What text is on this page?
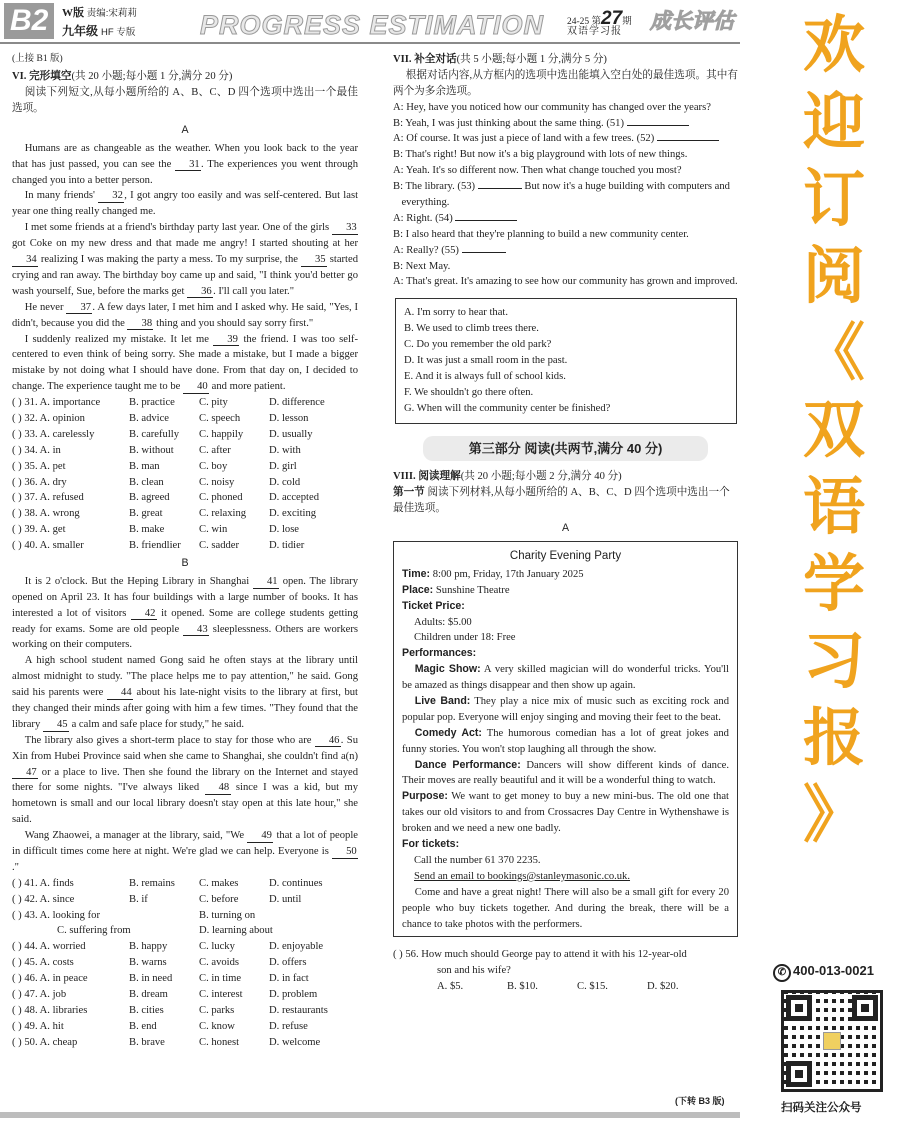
B2	W版 责编:宋莉莉
九年级 HF 专版 PROGRESS ESTIMATION 24-25 第27期
双语学习报 成长评估
(上接 B1 版)
VI. 完形填空(共 20 小题;每小题 1 分,满分 20 分)
阅读下列短文,从每小题所给的 A、B、C、D 四个选项中选出一个最佳选项。
A
Humans are as changeable as the weather. When you look back to the year that has just passed, you can see the 31. The experiences you went through changed you into a better person.
In many friends' 32, I got angry too easily and was self-centered. But last year one thing really changed me.
I met some friends at a friend's birthday party last year. One of the girls 33 got Coke on my new dress and that made me angry! I started shouting at her 34 realizing I was making the party a mess. To my surprise, the 35 started crying and ran away. The birthday boy came up and said, "I think you'd better go wash yourself, Sue, before the marks get 36. I'll call you later."
He never 37. A few days later, I met him and I asked why. He said, "Yes, I didn't, because you did the 38 thing and you should say sorry first."
I suddenly realized my mistake. It let me 39 the friend. I was too self-centered to even think of being sorry. She made a mistake, but I made a bigger mistake by not doing what I should have done. From that day on, I decided to change. The experience taught me to be 40 and more patient.
( ) 31. A. importance	B. practice	C. pity	D. difference
( ) 32. A. opinion	B. advice	C. speech	D. lesson
( ) 33. A. carelessly	B. carefully	C. happily	D. usually
( ) 34. A. in	B. without	C. after	D. with
( ) 35. A. pet	B. man	C. boy	D. girl
( ) 36. A. dry	B. clean	C. noisy	D. cold
( ) 37. A. refused	B. agreed	C. phoned	D. accepted
( ) 38. A. wrong	B. great	C. relaxing	D. exciting
( ) 39. A. get	B. make	C. win	D. lose
( ) 40. A. smaller	B. friendlier	C. sadder	D. tidier
B
It is 2 o'clock. But the Heping Library in Shanghai 41 open. The library opened on April 23. It has four buildings with a large number of books. It has interested a lot of visitors 42 it opened. Some are college students getting ready for exams. Some are old people 43 sleeplessness. Others are workers working on their computers.
A high school student named Gong said he often stays at the library until almost midnight to study. "The place helps me to pay attention," he said. Gong said his parents were 44 about his late-night visits to the library at first, but they changed their minds after going with him a few times. "They found that the library 45 a calm and safe place for study," he said.
The library also gives a short-term place to stay for those who are 46. Su Xin from Hubei Province said when she came to Shanghai, she couldn't find a(n) 47 or a place to live. Then she found the library on the Internet and stayed there for some nights. "I've always liked 48 since I was a kid, but my hometown is small and our local library doesn't stay open at this late hour," she said.
Wang Zhaowei, a manager at the library, said, "We 49 that a lot of people in difficult times come here at night. We're glad we can help. Everyone is 50."
( ) 41. A. finds	B. remains	C. makes	D. continues
( ) 42. A. since	B. if	C. before	D. until
( ) 43. A. looking for	B. turning on
C. suffering from	D. learning about
( ) 44. A. worried	B. happy	C. lucky	D. enjoyable
( ) 45. A. costs	B. warns	C. avoids	D. offers
( ) 46. A. in peace	B. in need	C. in time	D. in fact
( ) 47. A. job	B. dream	C. interest	D. problem
( ) 48. A. libraries	B. cities	C. parks	D. restaurants
( ) 49. A. hit	B. end	C. know	D. refuse
( ) 50. A. cheap	B. brave	C. honest	D. welcome
VII. 补全对话(共 5 小题;每小题 1 分,满分 5 分)
根据对话内容,从方框内的选项中选出能填入空白处的最佳选项。其中有两个为多余选项。
A: Hey, have you noticed how our community has changed over the years?
B: Yeah, I was just thinking about the same thing. (51)
A: Of course. It was just a piece of land with a few trees. (52)
B: That's right! But now it's a big playground with lots of new things.
A: Yeah. It's so different now. Then what change touched you most?
B: The library. (53)	But now it's a huge building with computers and everything.
A: Right. (54)
B: I also heard that they're planning to build a new community center.
A: Really? (55)
B: Next May.
A: That's great. It's amazing to see how our community has grown and improved.
A. I'm sorry to hear that.
B. We used to climb trees there.
C. Do you remember the old park?
D. It was just a small room in the past.
E. And it is always full of school kids.
F. We shouldn't go there often.
G. When will the community center be finished?
第三部分 阅读(共两节,满分 40 分)
VIII. 阅读理解(共 20 小题;每小题 2 分,满分 40 分)
第一节 阅读下列材料,从每小题所给的 A、B、C、D 四个选项中选出一个最佳选项。
A
Charity Evening Party
Time: 8:00 pm, Friday, 17th January 2025
Place: Sunshine Theatre
Ticket Price:
Adults: $5.00
Children under 18: Free
Performances:
Magic Show: A very skilled magician will do wonderful tricks. You'll be amazed as things disappear and then show up again.
Live Band: They play a nice mix of music such as exciting rock and popular pop. Everyone will enjoy singing and moving their feet to the beat.
Comedy Act: The humorous comedian has a lot of great jokes and funny stories. You won't stop laughing all through the show.
Dance Performance: Dancers will show different kinds of dance. Their moves are really beautiful and it will be a wonderful thing to watch.
Purpose: We want to get money to buy a new mini-bus. The old one that takes our old visitors to and from Crossacres Day Centre in Wythenshawe is broken and we need a new one badly.
For tickets:
Call the number 61 370 2235.
Send an email to bookings@stanleymasonic.co.uk.
Come and have a great night! There will also be a small gift for every 20 people who buy tickets together. And during the break, there will be a chance to take photos with the performers.
( ) 56. How much should George pay to attend it with his 12-year-old
son and his wife?
A. $5.	B. $10.	C. $15.	D. $20.
欢
迎
订
阅
《
双
语
学
习
报
》
✆ 400-013-0021
扫码关注公众号
(下转 B3 版)
